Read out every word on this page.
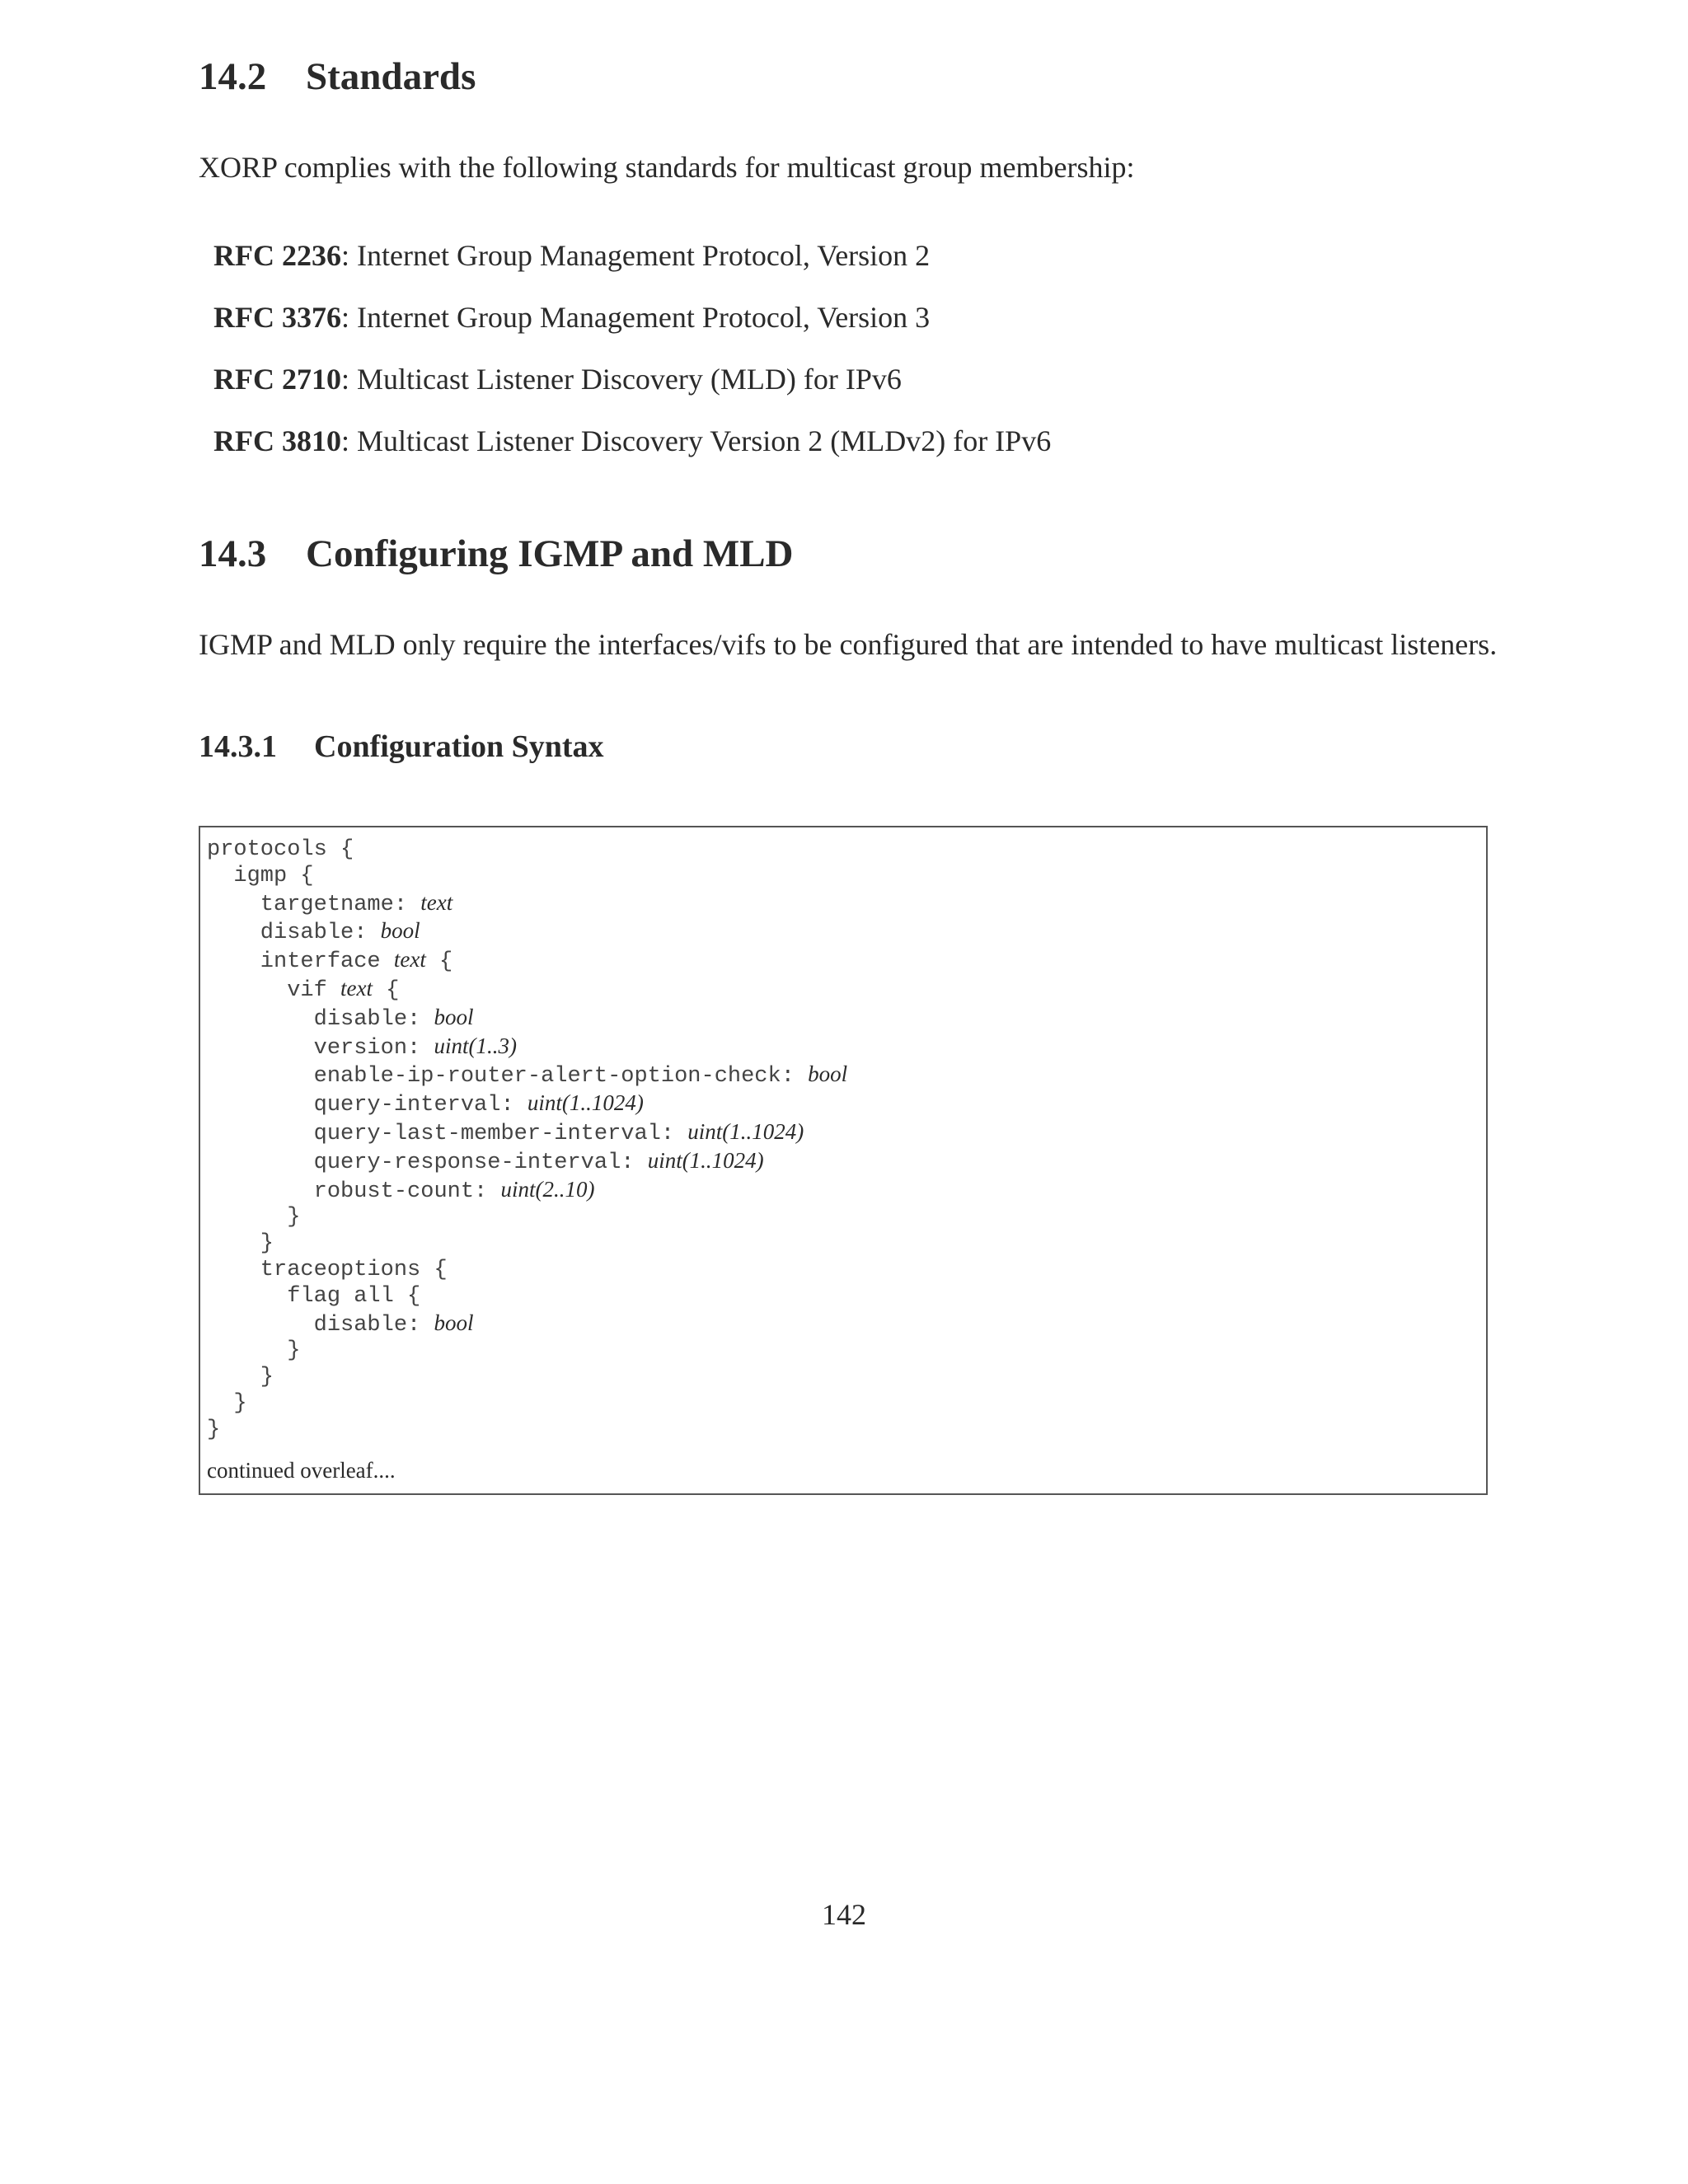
14.2 Standards

XORP complies with the following standards for multicast group membership:

RFC 2236: Internet Group Management Protocol, Version 2
RFC 3376: Internet Group Management Protocol, Version 3
RFC 2710: Multicast Listener Discovery (MLD) for IPv6
RFC 3810: Multicast Listener Discovery Version 2 (MLDv2) for IPv6
14.3 Configuring IGMP and MLD

IGMP and MLD only require the interfaces/vifs to be configured that are intended to have multicast listeners.

14.3.1 Configuration Syntax
protocols {
igmp {
targetname: text
disable: bool
interface text {
vif text {
disable: bool
version: uint(1..3)
enable-ip-router-alert-option-check: bool
query-interval: uint(1..1024)
query-last-member-interval: uint(1..1024)
query-response-interval: uint(1..1024)
robust-count: uint(2..10)
}
}
traceoptions {
flag all {
disable: bool
}
}
}
}
continued overleaf....
142
